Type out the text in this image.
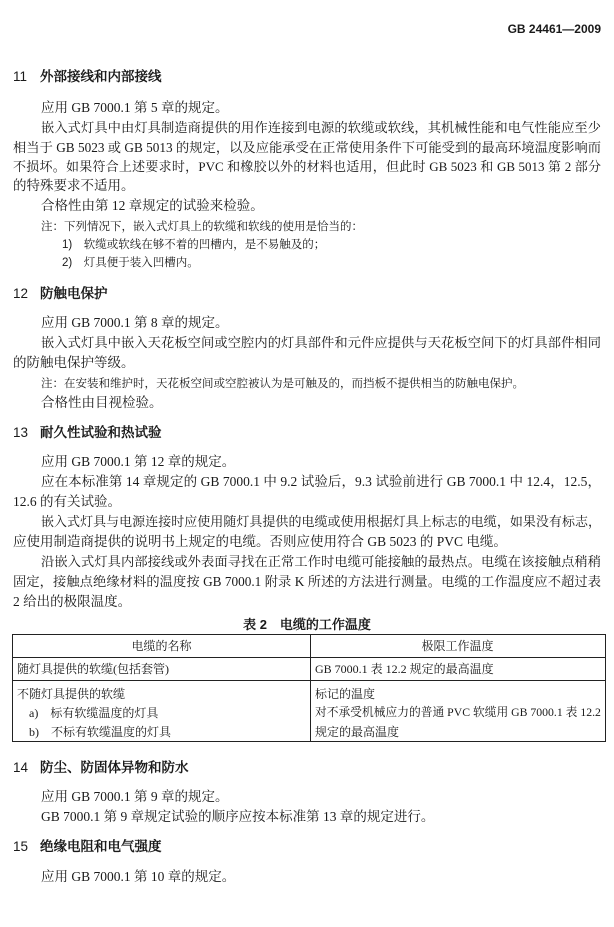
GB 24461—2009
11 外部接线和内部接线
应用 GB 7000.1 第 5 章的规定。
嵌入式灯具中由灯具制造商提供的用作连接到电源的软缆或软线，其机械性能和电气性能应至少
相当于 GB 5023 或 GB 5013 的规定，以及应能承受在正常使用条件下可能受到的最高环境温度影响而
不损坏。如果符合上述要求时，PVC 和橡胶以外的材料也适用，但此时 GB 5023 和 GB 5013 第 2 部分
的特殊要求不适用。
合格性由第 12 章规定的试验来检验。
注：下列情况下，嵌入式灯具上的软缆和软线的使用是恰当的：
1)　软缆或软线在够不着的凹槽内，是不易触及的；
2)　灯具便于装入凹槽内。
12 防触电保护
应用 GB 7000.1 第 8 章的规定。
嵌入式灯具中嵌入天花板空间或空腔内的灯具部件和元件应提供与天花板空间下的灯具部件相同
的防触电保护等级。
注：在安装和维护时，天花板空间或空腔被认为是可触及的，而挡板不提供相当的防触电保护。
合格性由目视检验。
13 耐久性试验和热试验
应用 GB 7000.1 第 12 章的规定。
应在本标准第 14 章规定的 GB 7000.1 中 9.2 试验后，9.3 试验前进行 GB 7000.1 中 12.4，12.5，
12.6 的有关试验。
嵌入式灯具与电源连接时应使用随灯具提供的电缆或使用根据灯具上标志的电缆，如果没有标志，
应使用制造商提供的说明书上规定的电缆。否则应使用符合 GB 5023 的 PVC 电缆。
沿嵌入式灯具内部接线或外表面寻找在正常工作时电缆可能接触的最热点。电缆在该接触点稍稍
固定，接触点绝缘材料的温度按 GB 7000.1 附录 K 所述的方法进行测量。电缆的工作温度应不超过表
2 给出的极限温度。
表 2　电缆的工作温度
电缆的名称	极限工作温度
随灯具提供的软缆(包括套管)	GB 7000.1 表 12.2 规定的最高温度
不随灯具提供的软缆
a)　标有软缆温度的灯具
b)　不标有软缆温度的灯具
标记的温度
对不承受机械应力的普通 PVC 软缆用 GB 7000.1 表 12.2
规定的最高温度
14 防尘、防固体异物和防水
应用 GB 7000.1 第 9 章的规定。
GB 7000.1 第 9 章规定试验的顺序应按本标准第 13 章的规定进行。
15 绝缘电阻和电气强度
应用 GB 7000.1 第 10 章的规定。
